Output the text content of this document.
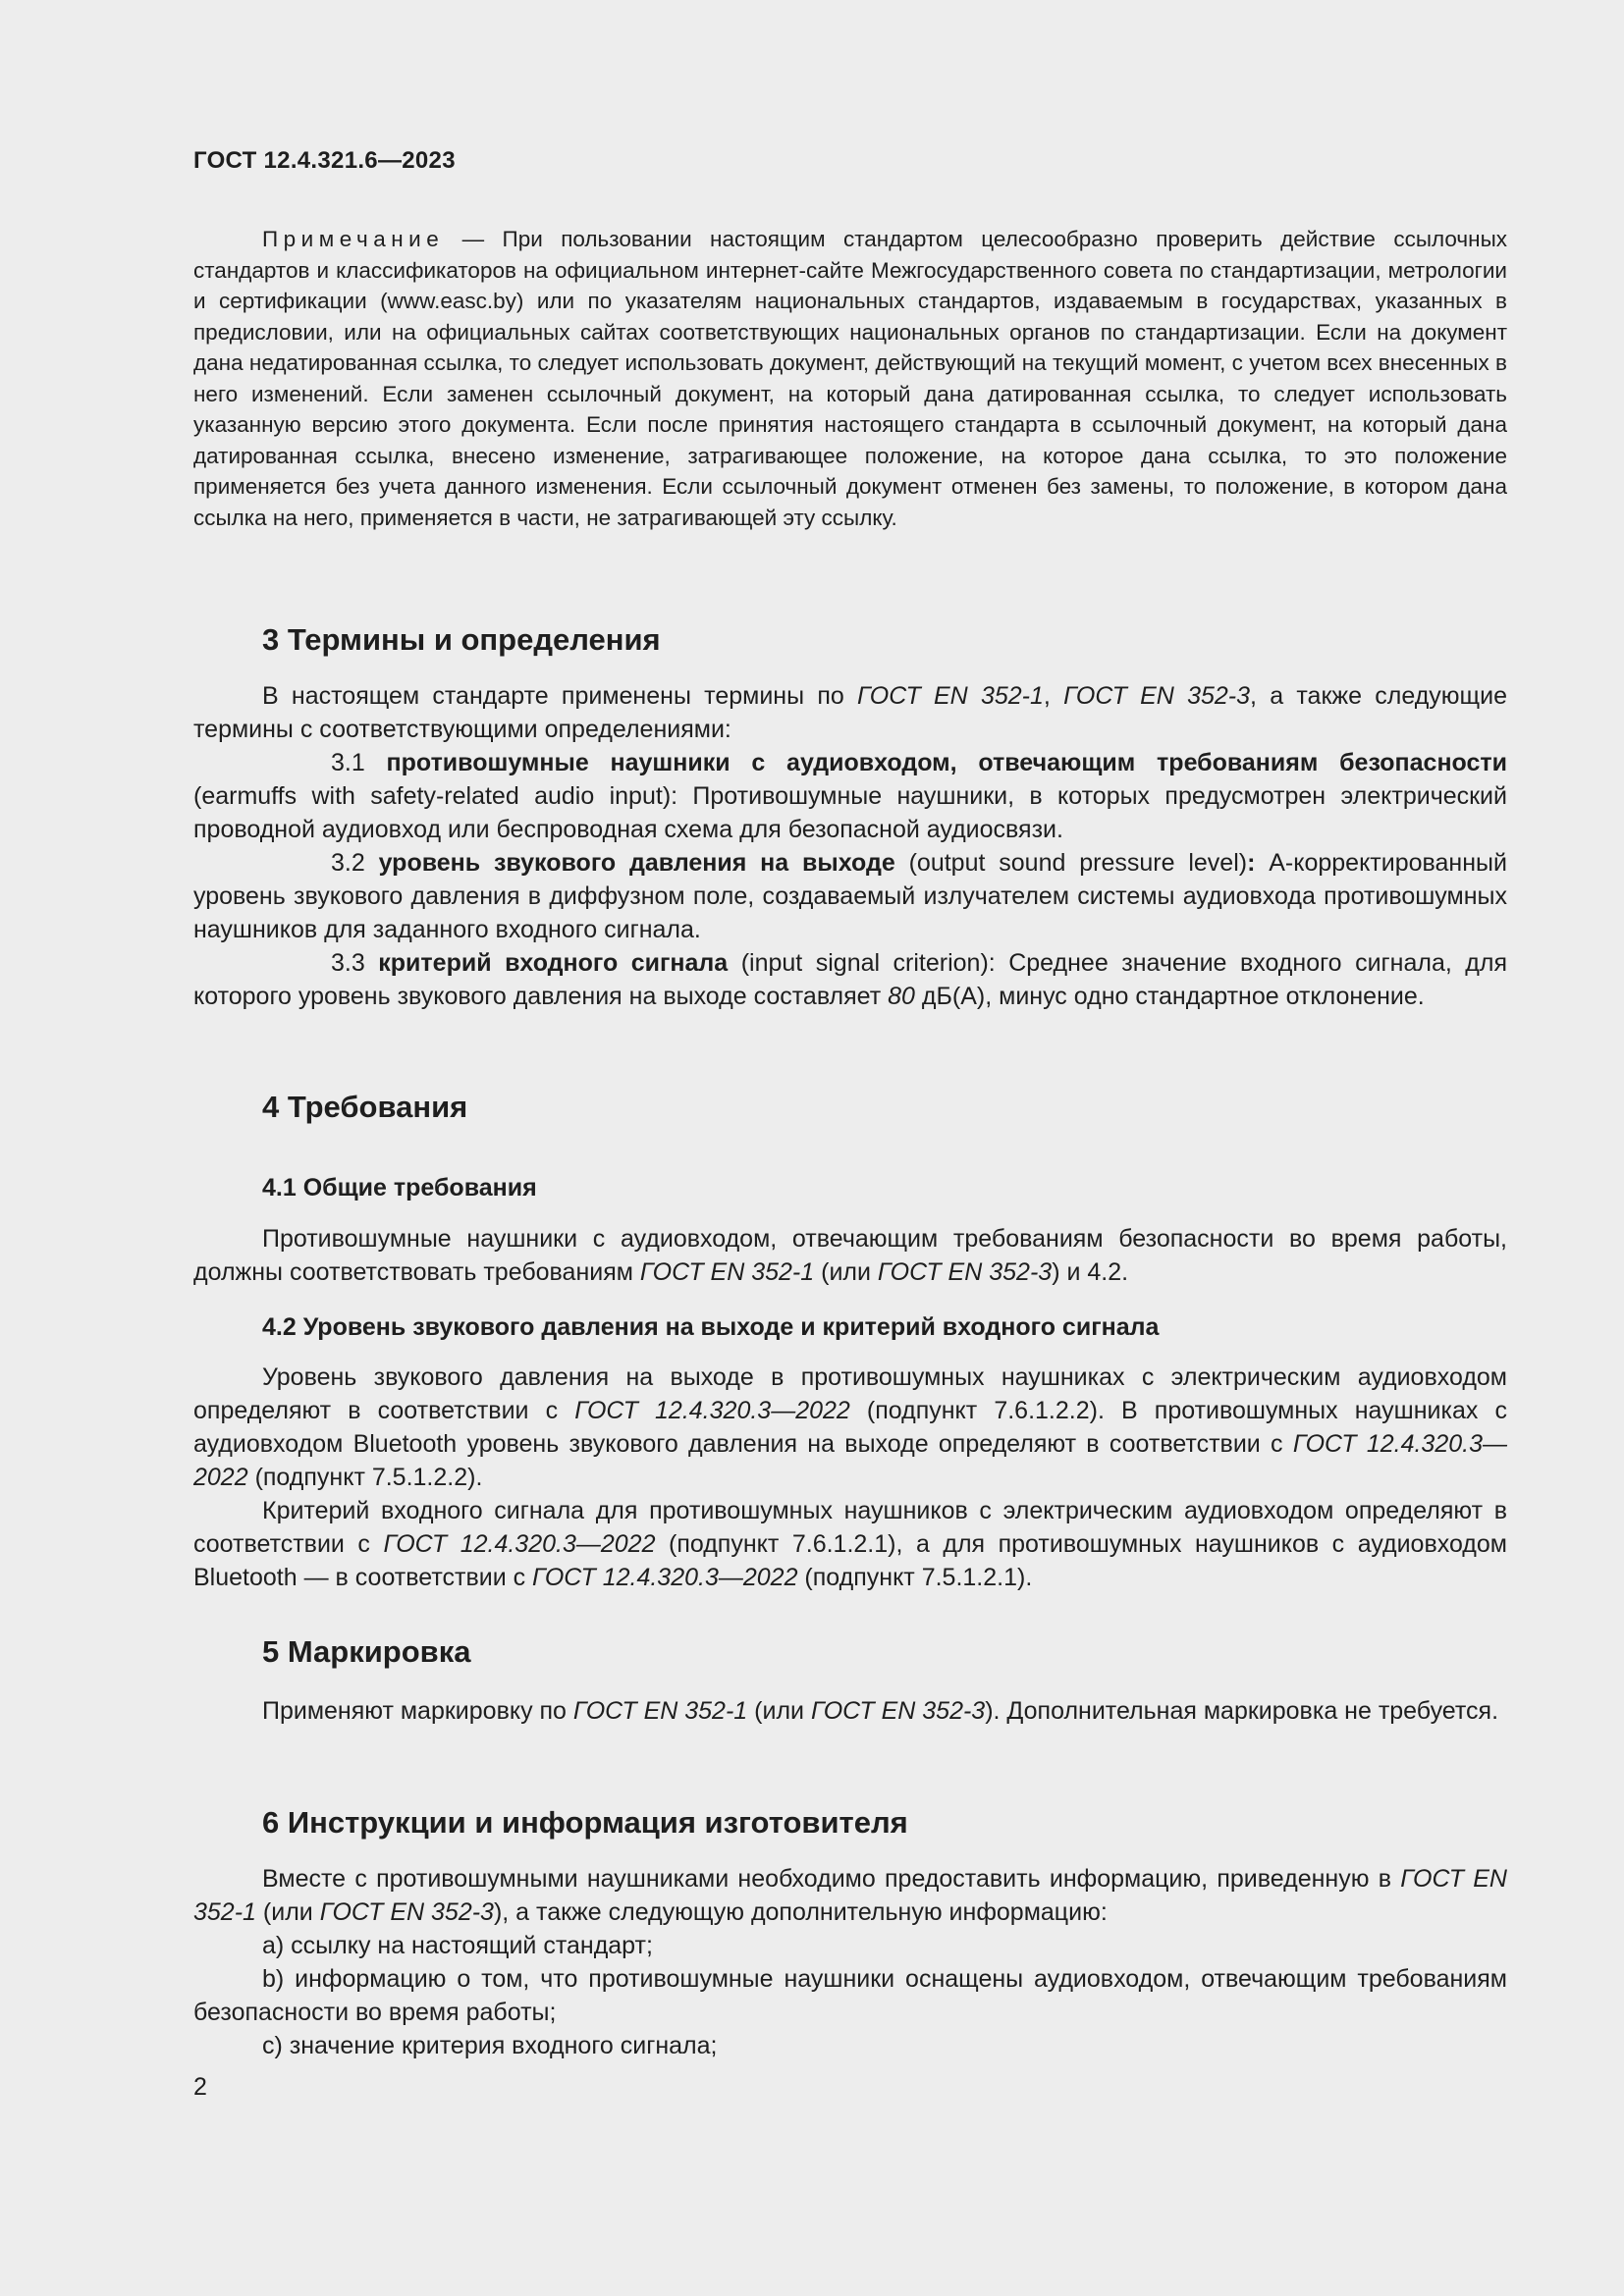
ГОСТ 12.4.321.6—2023

Примечание — При пользовании настоящим стандартом целесообразно проверить действие ссылочных стандартов и классификаторов на официальном интернет-сайте Межгосударственного совета по стандартизации, метрологии и сертификации (www.easc.by) или по указателям национальных стандартов, издаваемым в государствах, указанных в предисловии, или на официальных сайтах соответствующих национальных органов по стандартизации. Если на документ дана недатированная ссылка, то следует использовать документ, действующий на текущий момент, с учетом всех внесенных в него изменений. Если заменен ссылочный документ, на который дана датированная ссылка, то следует использовать указанную версию этого документа. Если после принятия настоящего стандарта в ссылочный документ, на который дана датированная ссылка, внесено изменение, затрагивающее положение, на которое дана ссылка, то это положение применяется без учета данного изменения. Если ссылочный документ отменен без замены, то положение, в котором дана ссылка на него, применяется в части, не затрагивающей эту ссылку.

3 Термины и определения

В настоящем стандарте применены термины по ГОСТ EN 352-1, ГОСТ EN 352-3, а также следующие термины с соответствующими определениями:

3.1 противошумные наушники с аудиовходом, отвечающим требованиям безопасности (earmuffs with safety-related audio input): Противошумные наушники, в которых предусмотрен электрический проводной аудиовход или беспроводная схема для безопасной аудиосвязи.

3.2 уровень звукового давления на выходе (output sound pressure level): А-корректированный уровень звукового давления в диффузном поле, создаваемый излучателем системы аудиовхода противошумных наушников для заданного входного сигнала.

3.3 критерий входного сигнала (input signal criterion): Среднее значение входного сигнала, для которого уровень звукового давления на выходе составляет 80 дБ(А), минус одно стандартное отклонение.

4 Требования
4.1 Общие требования

Противошумные наушники с аудиовходом, отвечающим требованиям безопасности во время работы, должны соответствовать требованиям ГОСТ EN 352-1 (или ГОСТ EN 352-3) и 4.2.

4.2 Уровень звукового давления на выходе и критерий входного сигнала

Уровень звукового давления на выходе в противошумных наушниках с электрическим аудиовходом определяют в соответствии с ГОСТ 12.4.320.3—2022 (подпункт 7.6.1.2.2). В противошумных наушниках с аудиовходом Bluetooth уровень звукового давления на выходе определяют в соответствии с ГОСТ 12.4.320.3—2022 (подпункт 7.5.1.2.2).

Критерий входного сигнала для противошумных наушников с электрическим аудиовходом определяют в соответствии с ГОСТ 12.4.320.3—2022 (подпункт 7.6.1.2.1), а для противошумных наушников с аудиовходом Bluetooth — в соответствии с ГОСТ 12.4.320.3—2022 (подпункт 7.5.1.2.1).

5 Маркировка

Применяют маркировку по ГОСТ EN 352-1 (или ГОСТ EN 352-3). Дополнительная маркировка не требуется.

6 Инструкции и информация изготовителя

Вместе с противошумными наушниками необходимо предоставить информацию, приведенную в ГОСТ EN 352-1 (или ГОСТ EN 352-3), а также следующую дополнительную информацию:

a) ссылку на настоящий стандарт;

b) информацию о том, что противошумные наушники оснащены аудиовходом, отвечающим требованиям безопасности во время работы;

c) значение критерия входного сигнала;

2
